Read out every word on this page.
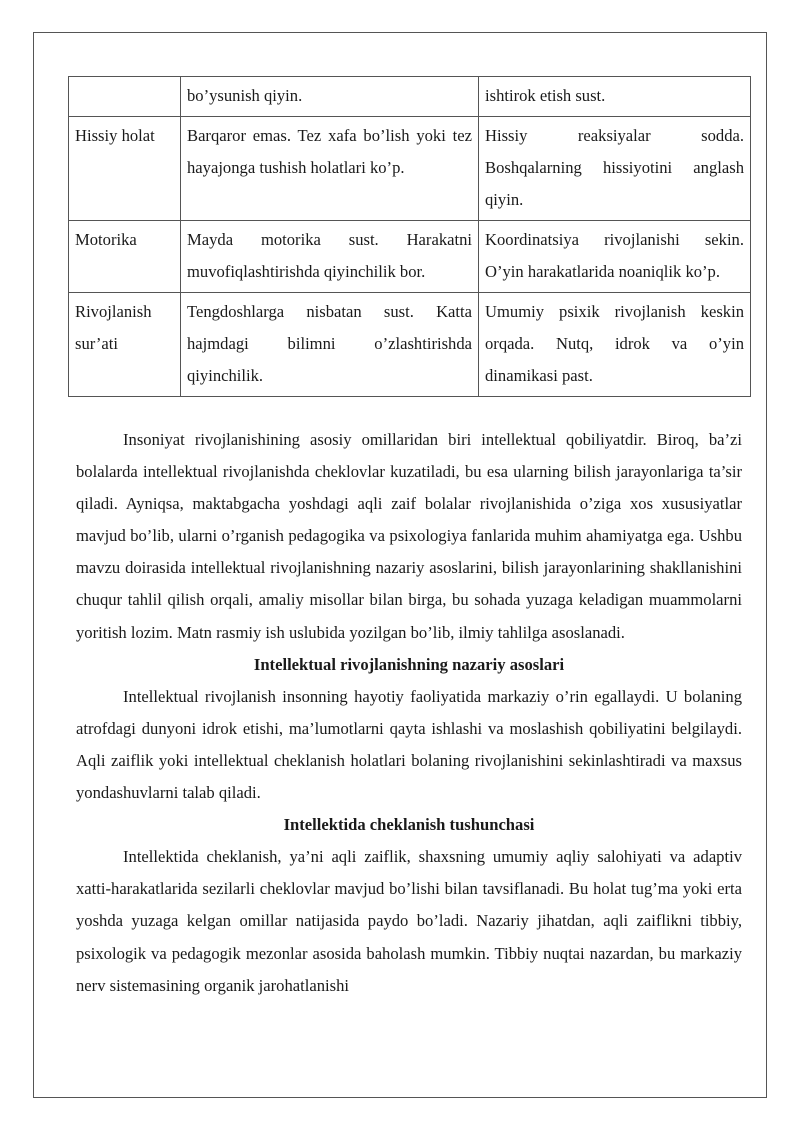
	bo’ysunish qiyin.	ishtirok etish sust.
Hissiy holat	Barqaror emas. Tez xafa bo’lish yoki tez hayajonga tushish holatlari ko’p.	Hissiy reaksiyalar sodda. Boshqalarning hissiyotini anglash qiyin.
Motorika	Mayda motorika sust. Harakatni muvofiqlashtirishda qiyinchilik bor.	Koordinatsiya rivojlanishi sekin. O’yin harakatlarida noaniqlik ko’p.
Rivojlanish sur’ati	Tengdoshlarga nisbatan sust. Katta hajmdagi bilimni o’zlashtirishda qiyinchilik.	Umumiy psixik rivojlanish keskin orqada. Nutq, idrok va o’yin dinamikasi past.

Insoniyat rivojlanishining asosiy omillaridan biri intellektual qobiliyatdir. Biroq, ba’zi bolalarda intellektual rivojlanishda cheklovlar kuzatiladi, bu esa ularning bilish jarayonlariga ta’sir qiladi. Ayniqsa, maktabgacha yoshdagi aqli zaif bolalar rivojlanishida o’ziga xos xususiyatlar mavjud bo’lib, ularni o’rganish pedagogika va psixologiya fanlarida muhim ahamiyatga ega. Ushbu mavzu doirasida intellektual rivojlanishning nazariy asoslarini, bilish jarayonlarining shakllanishini chuqur tahlil qilish orqali, amaliy misollar bilan birga, bu sohada yuzaga keladigan muammolarni yoritish lozim. Matn rasmiy ish uslubida yozilgan bo’lib, ilmiy tahlilga asoslanadi.

Intellektual rivojlanishning nazariy asoslari

Intellektual rivojlanish insonning hayotiy faoliyatida markaziy o’rin egallaydi. U bolaning atrofdagi dunyoni idrok etishi, ma’lumotlarni qayta ishlashi va moslashish qobiliyatini belgilaydi. Aqli zaiflik yoki intellektual cheklanish holatlari bolaning rivojlanishini sekinlashtiradi va maxsus yondashuvlarni talab qiladi.

Intellektida cheklanish tushunchasi

Intellektida cheklanish, ya’ni aqli zaiflik, shaxsning umumiy aqliy salohiyati va adaptiv xatti-harakatlarida sezilarli cheklovlar mavjud bo’lishi bilan tavsiflanadi. Bu holat tug’ma yoki erta yoshda yuzaga kelgan omillar natijasida paydo bo’ladi. Nazariy jihatdan, aqli zaiflikni tibbiy, psixologik va pedagogik mezonlar asosida baholash mumkin. Tibbiy nuqtai nazardan, bu markaziy nerv sistemasining organik jarohatlanishi
